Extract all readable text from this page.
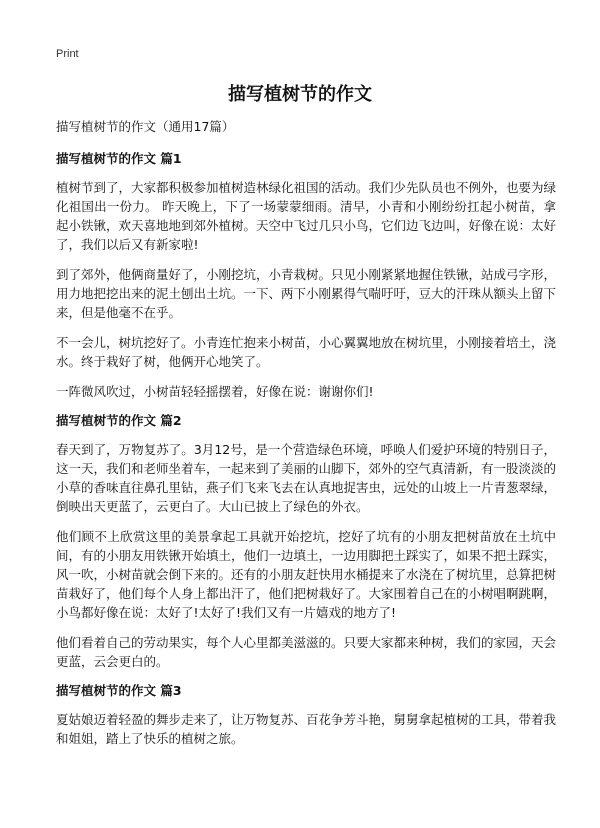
Print
描写植树节的作文

描写植树节的作文（通用17篇）

描写植树节的作文 篇1

植树节到了，大家都积极参加植树造林绿化祖国的活动。我们少先队员也不例外，也要为绿化祖国出一份力。 昨天晚上，下了一场蒙蒙细雨。清早，小青和小刚纷纷扛起小树苗，拿起小铁锹，欢天喜地地到郊外植树。天空中飞过几只小鸟，它们边飞边叫，好像在说：太好了，我们以后又有新家啦!

到了郊外，他俩商量好了，小刚挖坑，小青栽树。只见小刚紧紧地握住铁锹，站成弓字形，用力地把挖出来的泥土刨出土坑。一下、两下小刚累得气喘吁吁，豆大的汗珠从额头上留下来，但是他毫不在乎。

不一会儿，树坑挖好了。小青连忙抱来小树苗，小心翼翼地放在树坑里，小刚接着培土，浇水。终于栽好了树，他俩开心地笑了。

一阵微风吹过，小树苗轻轻摇摆着，好像在说：谢谢你们!

描写植树节的作文 篇2

春天到了，万物复苏了。3月12号，是一个营造绿色环境，呼唤人们爱护环境的特别日子，这一天，我们和老师坐着车，一起来到了美丽的山脚下，郊外的空气真清新，有一股淡淡的小草的香味直往鼻孔里钻，燕子们飞来飞去在认真地捉害虫，远处的山坡上一片青葱翠绿，倒映出天更蓝了，云更白了。大山已披上了绿色的外衣。

他们顾不上欣赏这里的美景拿起工具就开始挖坑，挖好了坑有的小朋友把树苗放在土坑中间，有的小朋友用铁锹开始填土，他们一边填土，一边用脚把土踩实了，如果不把土踩实，风一吹，小树苗就会倒下来的。还有的小朋友赶快用水桶提来了水浇在了树坑里，总算把树苗栽好了，他们每个人身上都出汗了，他们把树栽好了。大家围着自己在的小树唱啊跳啊，小鸟都好像在说：太好了!太好了!我们又有一片嬉戏的地方了!

他们看着自己的劳动果实，每个人心里都美滋滋的。只要大家都来种树，我们的家园，天会更蓝，云会更白的。

描写植树节的作文 篇3

夏姑娘迈着轻盈的舞步走来了，让万物复苏、百花争芳斗艳，舅舅拿起植树的工具，带着我和姐姐，踏上了快乐的植树之旅。
